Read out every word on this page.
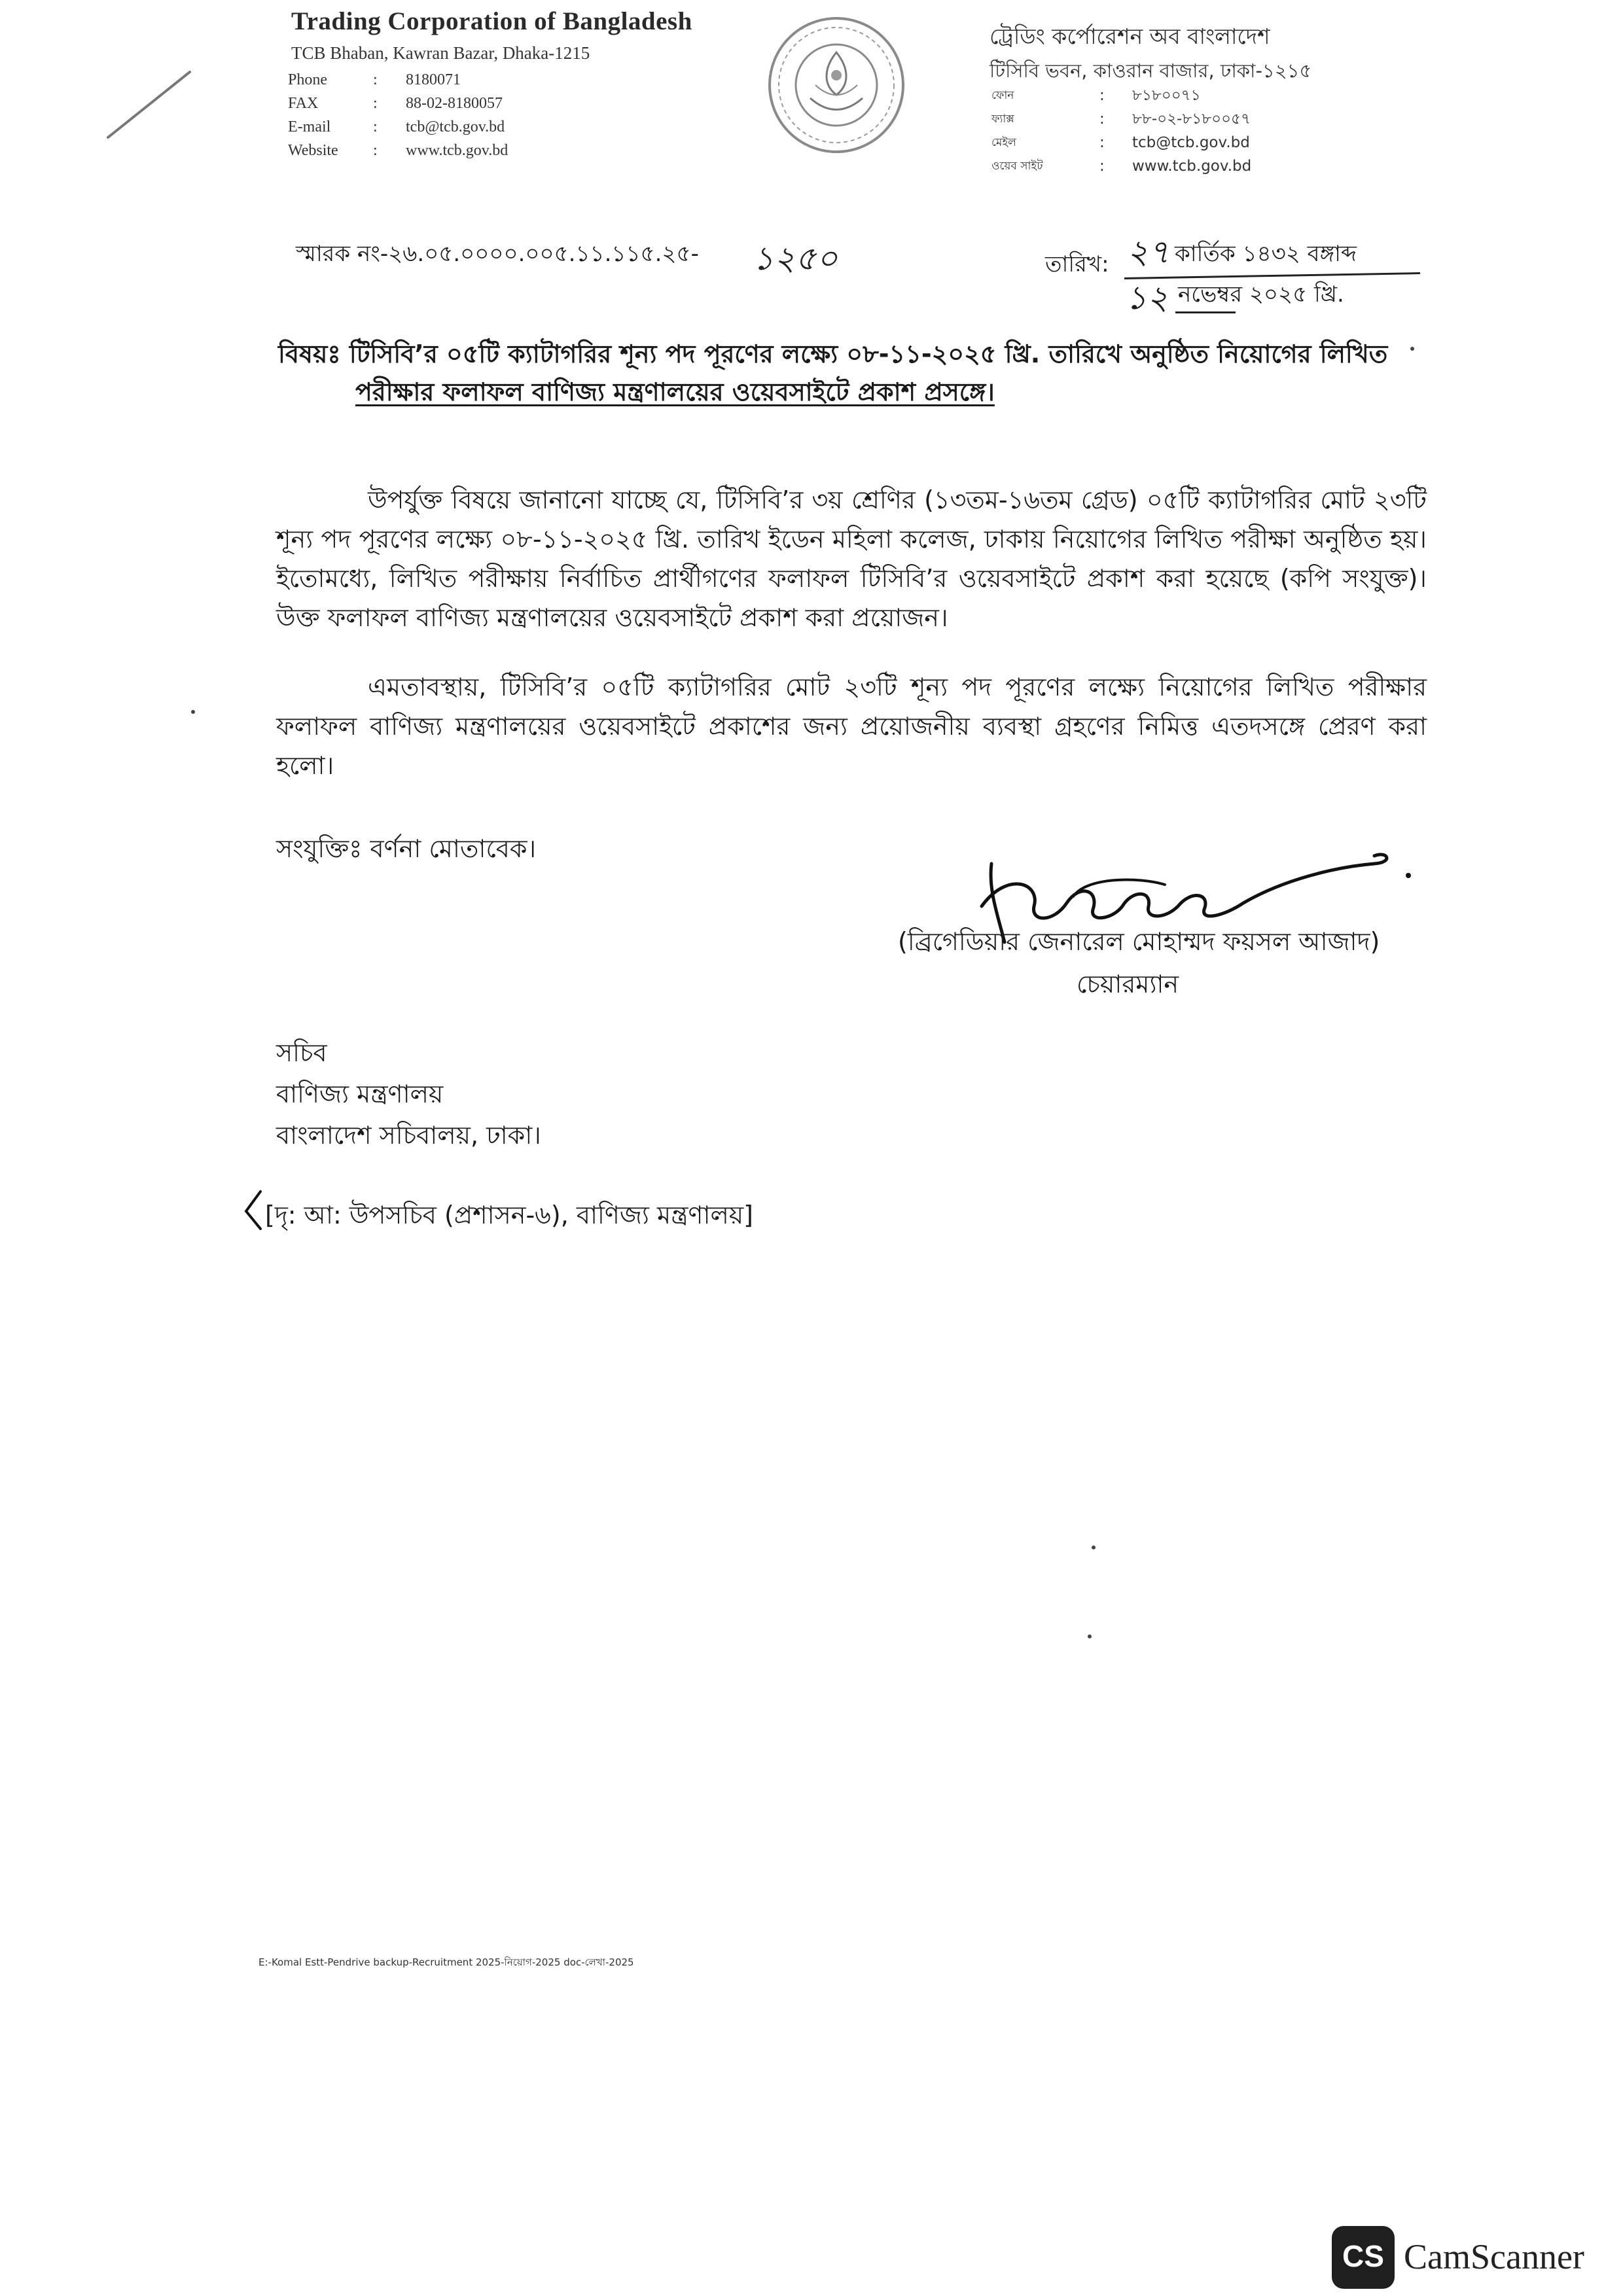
Trading Corporation of Bangladesh
TCB Bhaban, Kawran Bazar, Dhaka-1215
Phone	:	8180071
FAX	:	88-02-8180057
E-mail	:	tcb@tcb.gov.bd
Website	:	www.tcb.gov.bd
ট্রেডিং কর্পোরেশন অব বাংলাদেশ
টিসিবি ভবন, কাওরান বাজার, ঢাকা-১২১৫
ফোন	:	৮১৮০০৭১
ফ্যাক্স	:	৮৮-০২-৮১৮০০৫৭
মেইল	:	tcb@tcb.gov.bd
ওয়েব সাইট	:	www.tcb.gov.bd
স্মারক নং-২৬.০৫.০০০০.০০৫.১১.১১৫.২৫- ১২৫০	তারিখ: ২৭ কার্তিক ১৪৩২ বঙ্গাব্দ
১২ নভেম্বর ২০২৫ খ্রি.
বিষয়ঃ টিসিবি’র ০৫টি ক্যাটাগরির শূন্য পদ পূরণের লক্ষ্যে ০৮-১১-২০২৫ খ্রি. তারিখে অনুষ্ঠিত নিয়োগের লিখিত
পরীক্ষার ফলাফল বাণিজ্য মন্ত্রণালয়ের ওয়েবসাইটে প্রকাশ প্রসঙ্গে।
উপর্যুক্ত বিষয়ে জানানো যাচ্ছে যে, টিসিবি’র ৩য় শ্রেণির (১৩তম-১৬তম গ্রেড) ০৫টি ক্যাটাগরির মোট ২৩টি শূন্য পদ পূরণের লক্ষ্যে ০৮-১১-২০২৫ খ্রি. তারিখ ইডেন মহিলা কলেজ, ঢাকায় নিয়োগের লিখিত পরীক্ষা অনুষ্ঠিত হয়। ইতোমধ্যে, লিখিত পরীক্ষায় নির্বাচিত প্রার্থীগণের ফলাফল টিসিবি’র ওয়েবসাইটে প্রকাশ করা হয়েছে (কপি সংযুক্ত)। উক্ত ফলাফল বাণিজ্য মন্ত্রণালয়ের ওয়েবসাইটে প্রকাশ করা প্রয়োজন।
এমতাবস্থায়, টিসিবি’র ০৫টি ক্যাটাগরির মোট ২৩টি শূন্য পদ পূরণের লক্ষ্যে নিয়োগের লিখিত পরীক্ষার ফলাফল বাণিজ্য মন্ত্রণালয়ের ওয়েবসাইটে প্রকাশের জন্য প্রয়োজনীয় ব্যবস্থা গ্রহণের নিমিত্ত এতদসঙ্গে প্রেরণ করা হলো।
সংযুক্তিঃ বর্ণনা মোতাবেক।
(ব্রিগেডিয়ার জেনারেল মোহাম্মদ ফয়সল আজাদ)
চেয়ারম্যান
সচিব
বাণিজ্য মন্ত্রণালয়
বাংলাদেশ সচিবালয়, ঢাকা।
[দৃ: আ: উপসচিব (প্রশাসন-৬), বাণিজ্য মন্ত্রণালয়]
E:-Komal Estt-Pendrive backup-Recruitment 2025-নিয়োগ-2025 doc-লেখা-2025
CS CamScanner
